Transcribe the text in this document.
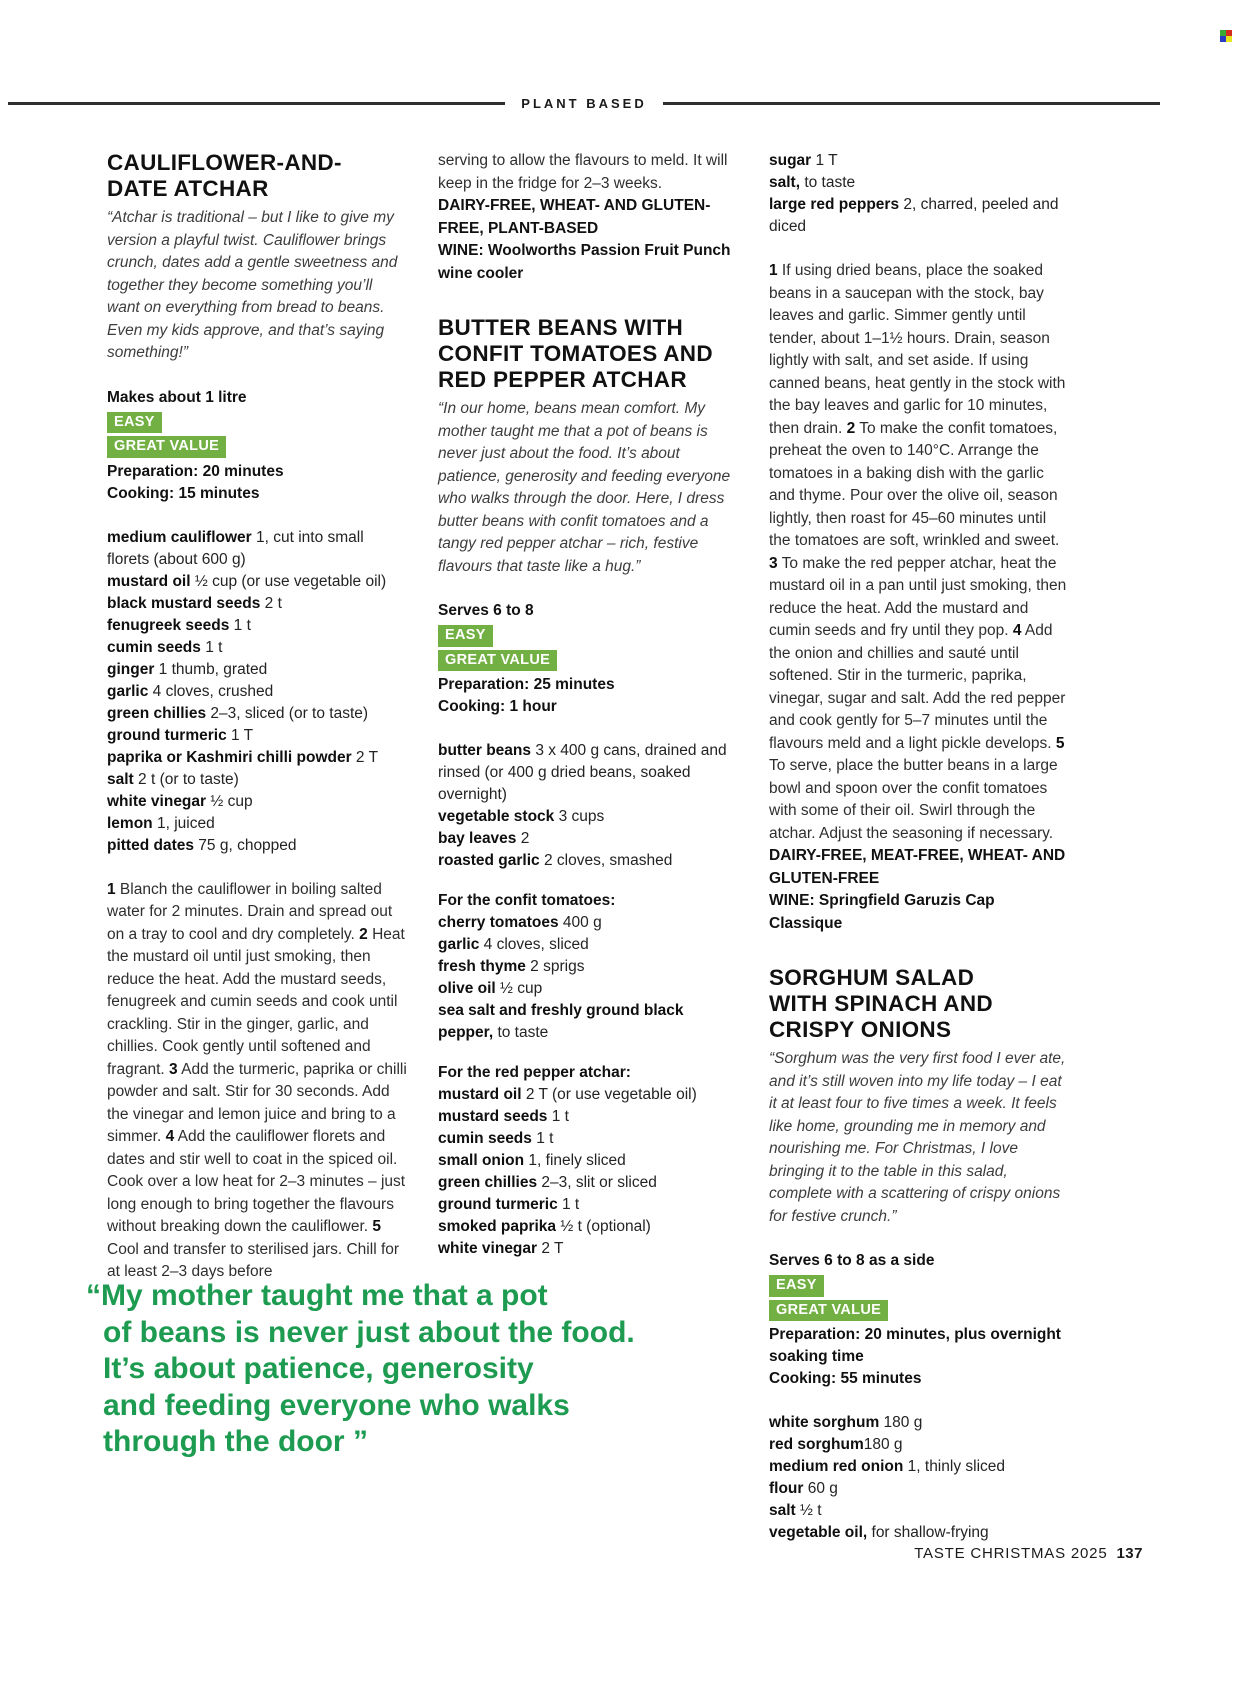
PLANT BASED

CAULIFLOWER-AND-

DATE ATCHAR

“Atchar is traditional – but I like to give my version a playful twist. Cauliflower brings crunch, dates add a gentle sweetness and together they become something you’ll want on everything from bread to beans. Even my kids approve, and that’s saying something!”
Makes about 1 litre
EASY
GREAT VALUE
Preparation: 20 minutes
Cooking: 15 minutes

medium cauliflower 1, cut into small florets (about 600 g)

mustard oil ½ cup (or use vegetable oil)

black mustard seeds 2 t

fenugreek seeds 1 t

cumin seeds 1 t

ginger 1 thumb, grated

garlic 4 cloves, crushed

green chillies 2–3, sliced (or to taste)

ground turmeric 1 T

paprika or Kashmiri chilli powder 2 T

salt 2 t (or to taste)

white vinegar ½ cup

lemon 1, juiced

pitted dates 75 g, chopped

1 Blanch the cauliflower in boiling salted water for 2 minutes. Drain and spread out on a tray to cool and dry completely. 2 Heat the mustard oil until just smoking, then reduce the heat. Add the mustard seeds, fenugreek and cumin seeds and cook until crackling. Stir in the ginger, garlic, and chillies. Cook gently until softened and fragrant. 3 Add the turmeric, paprika or chilli powder and salt. Stir for 30 seconds. Add the vinegar and lemon juice and bring to a simmer. 4 Add the cauliflower florets and dates and stir well to coat in the spiced oil. Cook over a low heat for 2–3 minutes – just long enough to bring together the flavours without breaking down the cauliflower. 5 Cool and transfer to sterilised jars. Chill for at least 2–3 days before

serving to allow the flavours to meld. It will keep in the fridge for 2–3 weeks.

DAIRY-FREE, WHEAT- AND GLUTEN-FREE, PLANT-BASED

WINE: Woolworths Passion Fruit Punch wine cooler

BUTTER BEANS WITH

CONFIT TOMATOES AND

RED PEPPER ATCHAR

“In our home, beans mean comfort. My mother taught me that a pot of beans is never just about the food. It’s about patience, generosity and feeding everyone who walks through the door. Here, I dress butter beans with confit tomatoes and a tangy red pepper atchar – rich, festive flavours that taste like a hug.”
Serves 6 to 8
EASY
GREAT VALUE
Preparation: 25 minutes
Cooking: 1 hour

butter beans 3 x 400 g cans, drained and rinsed (or 400 g dried beans, soaked overnight)

vegetable stock 3 cups

bay leaves 2

roasted garlic 2 cloves, smashed

For the confit tomatoes:

cherry tomatoes 400 g

garlic 4 cloves, sliced

fresh thyme 2 sprigs

olive oil ½ cup

sea salt and freshly ground black pepper, to taste

For the red pepper atchar:

mustard oil 2 T (or use vegetable oil)

mustard seeds 1 t

cumin seeds 1 t

small onion 1, finely sliced

green chillies 2–3, slit or sliced

ground turmeric 1 t

smoked paprika ½ t (optional)

white vinegar 2 T

sugar 1 T

salt, to taste

large red peppers 2, charred, peeled and diced

1 If using dried beans, place the soaked beans in a saucepan with the stock, bay leaves and garlic. Simmer gently until tender, about 1–1½ hours. Drain, season lightly with salt, and set aside. If using canned beans, heat gently in the stock with the bay leaves and garlic for 10 minutes, then drain. 2 To make the confit tomatoes, preheat the oven to 140°C. Arrange the tomatoes in a baking dish with the garlic and thyme. Pour over the olive oil, season lightly, then roast for 45–60 minutes until the tomatoes are soft, wrinkled and sweet. 3 To make the red pepper atchar, heat the mustard oil in a pan until just smoking, then reduce the heat. Add the mustard and cumin seeds and fry until they pop. 4 Add the onion and chillies and sauté until softened. Stir in the turmeric, paprika, vinegar, sugar and salt. Add the red pepper and cook gently for 5–7 minutes until the flavours meld and a light pickle develops. 5 To serve, place the butter beans in a large bowl and spoon over the confit tomatoes with some of their oil. Swirl through the atchar. Adjust the seasoning if necessary.

DAIRY-FREE, MEAT-FREE, WHEAT- AND GLUTEN-FREE

WINE: Springfield Garuzis Cap Classique

SORGHUM SALAD

WITH SPINACH AND

CRISPY ONIONS

“Sorghum was the very first food I ever ate, and it’s still woven into my life today – I eat it at least four to five times a week. It feels like home, grounding me in memory and nourishing me. For Christmas, I love bringing it to the table in this salad, complete with a scattering of crispy onions for festive crunch.”
Serves 6 to 8 as a side
EASY
GREAT VALUE
Preparation: 20 minutes, plus overnight soaking time
Cooking: 55 minutes

white sorghum 180 g

red sorghum180 g

medium red onion 1, thinly sliced

flour 60 g

salt ½ t

vegetable oil, for shallow-frying

“My mother taught me that a pot

of beans is never just about the food.

It’s about patience, generosity

and feeding everyone who walks

through the door ”

TASTE CHRISTMAS 2025 137
